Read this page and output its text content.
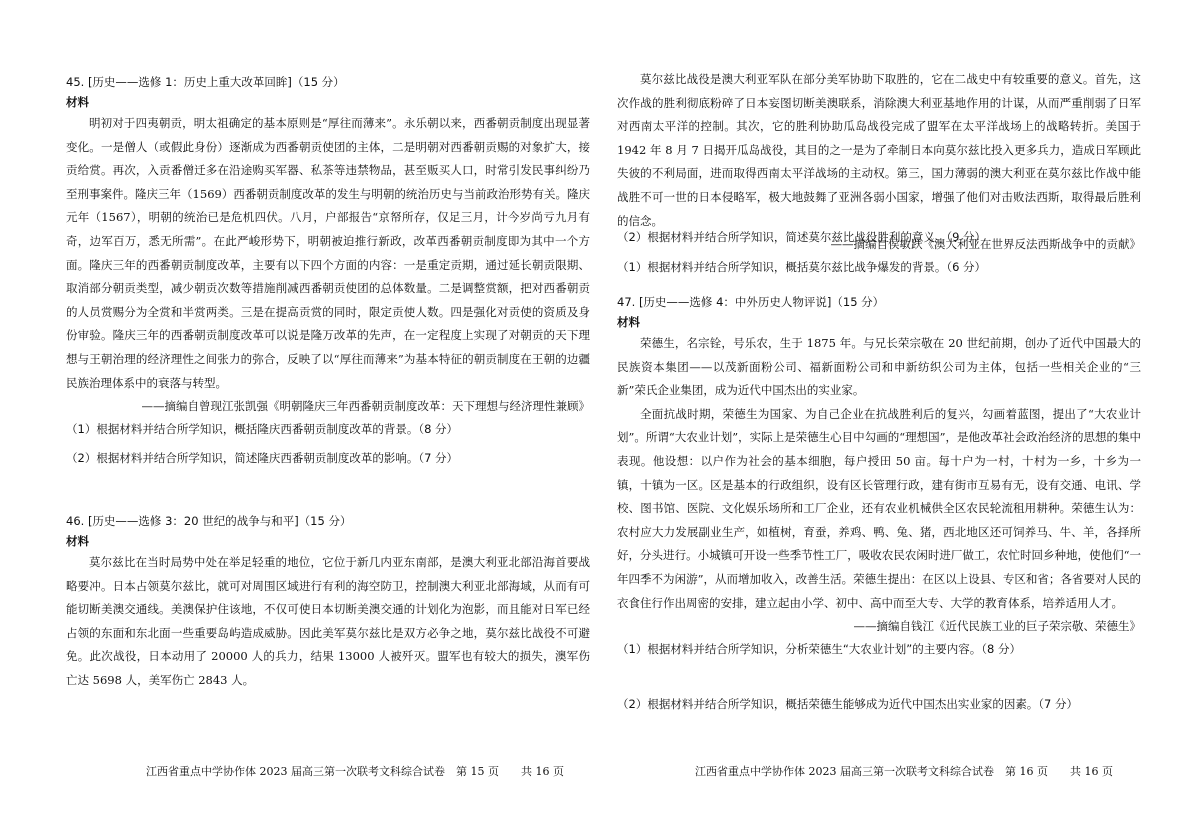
45. [历史——选修 1：历史上重大改革回眸]（15 分）

材料

明初对于四夷朝贡，明太祖确定的基本原则是“厚往而薄来”。永乐朝以来，西番朝贡制度出现显著变化。一是僧人（或假此身份）逐渐成为西番朝贡使团的主体，二是明朝对西番朝贡赐的对象扩大，接贡给赏。再次，入贡番僧迁多在沿途购买军器、私茶等违禁物品，甚至贩买人口，时常引发民事纠纷乃至刑事案件。隆庆三年（1569）西番朝贡制度改革的发生与明朝的统治历史与当前政治形势有关。隆庆元年（1567），明朝的统治已是危机四伏。八月，户部报告“京帑所存，仅足三月，计今岁尚亏九月有奇，边军百万，悉无所需”。在此严峻形势下，明朝被迫推行新政，改革西番朝贡制度即为其中一个方面。隆庆三年的西番朝贡制度改革，主要有以下四个方面的内容：一是重定贡期，通过延长朝贡限期、取消部分朝贡类型，减少朝贡次数等措施削减西番朝贡使团的总体数量。二是调整赏额，把对西番朝贡的人员赏赐分为全赏和半赏两类。三是在提高贡赏的同时，限定贡使人数。四是强化对贡使的资质及身份审验。隆庆三年的西番朝贡制度改革可以说是隆万改革的先声，在一定程度上实现了对朝贡的天下理想与王朝治理的经济理性之间张力的弥合，反映了以“厚往而薄来”为基本特征的朝贡制度在王朝的边疆民族治理体系中的衰落与转型。

——摘编自曾现江张凯强《明朝隆庆三年西番朝贡制度改革：天下理想与经济理性兼顾》

（1）根据材料并结合所学知识，概括隆庆西番朝贡制度改革的背景。（8 分）

（2）根据材料并结合所学知识，简述隆庆西番朝贡制度改革的影响。（7 分）

46. [历史——选修 3：20 世纪的战争与和平]（15 分）

材料

莫尔兹比在当时局势中处在举足轻重的地位，它位于新几内亚东南部，是澳大利亚北部沿海首要战略要冲。日本占领莫尔兹比，就可对周围区域进行有利的海空防卫，控制澳大利亚北部海域，从而有可能切断美澳交通线。美澳保护住该地，不仅可使日本切断美澳交通的计划化为泡影，而且能对日军已经占领的东面和东北面一些重要岛屿造成威胁。因此美军莫尔兹比是双方必争之地，莫尔兹比战役不可避免。此次战役，日本动用了 20000 人的兵力，结果 13000 人被歼灭。盟军也有较大的损失，澳军伤亡达 5698 人，美军伤亡 2843 人。

江西省重点中学协作体 2023 届高三第一次联考文科综合试卷　第 15 页　　共 16 页

莫尔兹比战役是澳大利亚军队在部分美军协助下取胜的，它在二战史中有较重要的意义。首先，这次作战的胜利彻底粉碎了日本妄图切断美澳联系，消除澳大利亚基地作用的计谋，从而严重削弱了日军对西南太平洋的控制。其次，它的胜利协助瓜岛战役完成了盟军在太平洋战场上的战略转折。美国于 1942 年 8 月 7 日揭开瓜岛战役，其目的之一是为了牵制日本向莫尔兹比投入更多兵力，造成日军顾此失彼的不利局面，进而取得西南太平洋战场的主动权。第三，国力薄弱的澳大利亚在莫尔兹比作战中能战胜不可一世的日本侵略军，极大地鼓舞了亚洲各弱小国家，增强了他们对击败法西斯，取得最后胜利的信念。

——摘编自侯敏跃《澳大利亚在世界反法西斯战争中的贡献》

（1）根据材料并结合所学知识，概括莫尔兹比战争爆发的背景。（6 分）

47. [历史——选修 4：中外历史人物评说]（15 分）

材料

荣德生，名宗铨，号乐农，生于 1875 年。与兄长荣宗敬在 20 世纪前期，创办了近代中国最大的民族资本集团——以茂新面粉公司、福新面粉公司和申新纺织公司为主体，包括一些相关企业的“三新”荣氏企业集团，成为近代中国杰出的实业家。

全面抗战时期，荣德生为国家、为自己企业在抗战胜利后的复兴，勾画着蓝图，提出了“大农业计划”。所谓“大农业计划”，实际上是荣德生心目中勾画的“理想国”，是他改革社会政治经济的思想的集中表现。他设想：以户作为社会的基本细胞，每户授田 50 亩。每十户为一村，十村为一乡，十乡为一镇，十镇为一区。区是基本的行政组织，设有区长管理行政，建有街市互易有无，设有交通、电讯、学校、图书馆、医院、文化娱乐场所和工厂企业，还有农业机械供全区农民轮流租用耕种。荣德生认为：农村应大力发展副业生产，如植树，育蚕，养鸡、鸭、兔、猪，西北地区还可饲养马、牛、羊，各择所好，分头进行。小城镇可开设一些季节性工厂，吸收农民农闲时进厂做工，农忙时回乡种地，使他们“一年四季不为闲游”，从而增加收入，改善生活。荣德生提出：在区以上设县、专区和省；各省要对人民的衣食住行作出周密的安排，建立起由小学、初中、高中而至大专、大学的教育体系，培养适用人才。

——摘编自钱江《近代民族工业的巨子荣宗敬、荣德生》

（1）根据材料并结合所学知识，分析荣德生“大农业计划”的主要内容。（8 分）

江西省重点中学协作体 2023 届高三第一次联考文科综合试卷　第 16 页　　共 16 页

（2）根据材料并结合所学知识，简述莫尔兹比战役胜利的意义。（9 分）

（2）根据材料并结合所学知识，概括荣德生能够成为近代中国杰出实业家的因素。（7 分）
